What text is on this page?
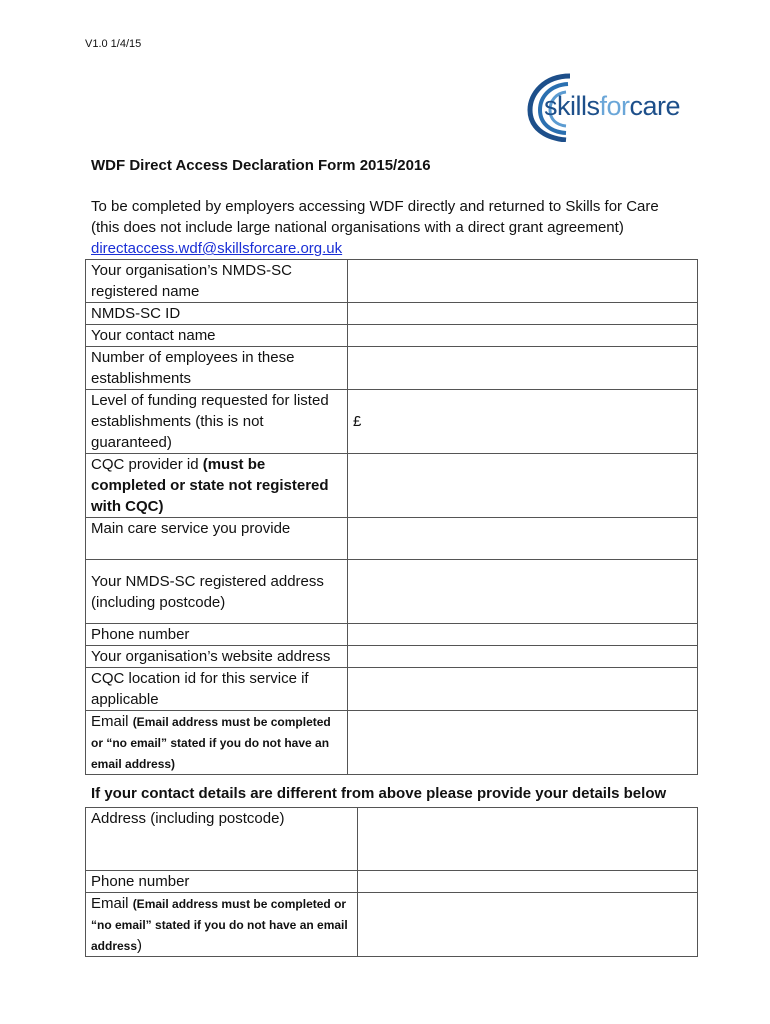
V1.0 1/4/15
skillsforcare
WDF Direct Access Declaration Form 2015/2016

To be completed by employers accessing WDF directly and returned to Skills for Care

(this does not include large national organisations with a direct grant agreement)

directaccess.wdf@skillsforcare.org.uk

Your organisation’s NMDS-SC registered name	
NMDS-SC ID	
Your contact name	
Number of employees in these establishments	
Level of funding requested for listed establishments (this is not guaranteed)	£
CQC provider id (must be completed or state not registered with CQC)	
Main care service you provide	
Your NMDS-SC registered address (including postcode)	
Phone number	
Your organisation’s website address	
CQC location id for this service if applicable	
Email (Email address must be completed or “no email” stated if you do not have an email address)	
If your contact details are different from above please provide your details below
Address (including postcode)	
Phone number	
Email (Email address must be completed or “no email” stated if you do not have an email address)	
